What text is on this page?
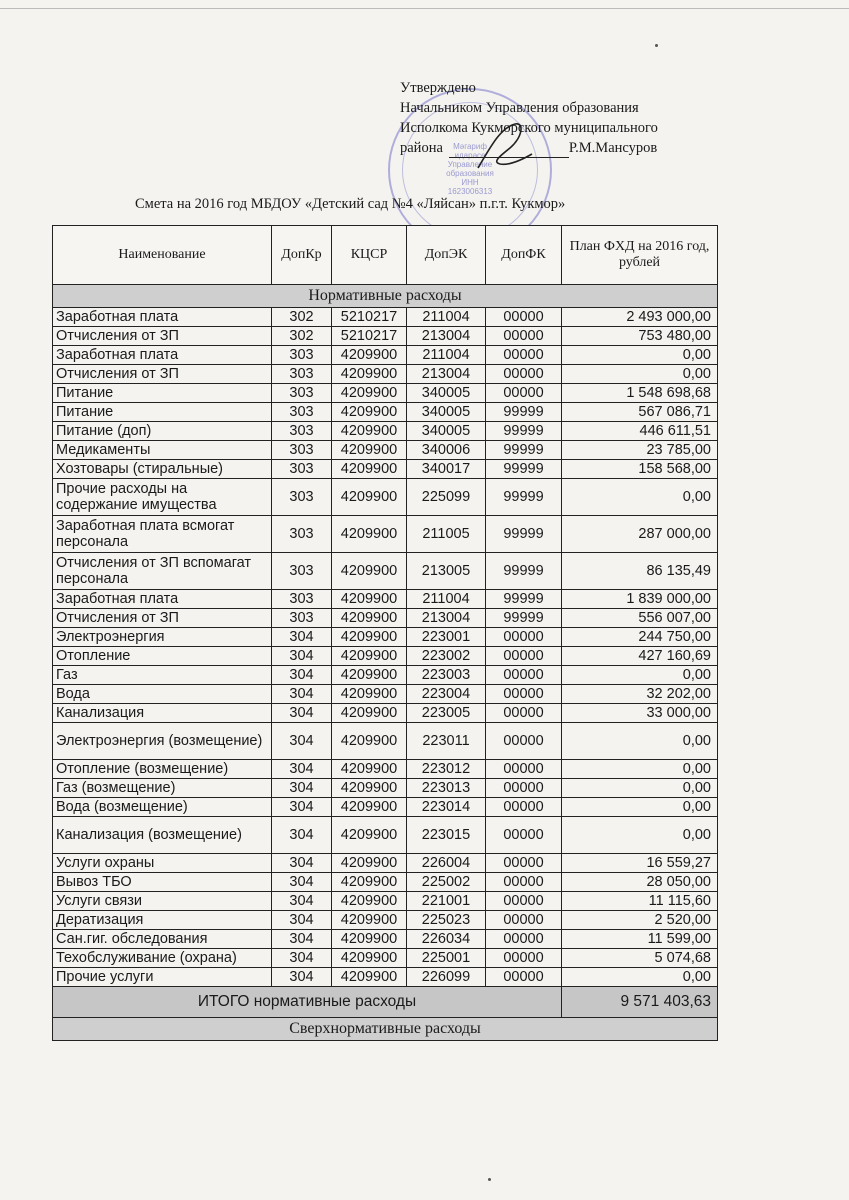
Мәгариф идарәсе Управление образования ИНН 1623006313
Утверждено
Начальником Управления образования
Исполкома Кукморского муниципального
района	Р.М.Мансуров
Смета на 2016 год МБДОУ «Детский сад №4 «Ляйсан» п.г.т. Кукмор»
Наименование	ДопКр	КЦСР	ДопЭК	ДопФК	План ФХД на 2016 год, рублей
Нормативные расходы					
Заработная плата	302	5210217	211004	00000	2 493 000,00
Отчисления от ЗП	302	5210217	213004	00000	753 480,00
Заработная плата	303	4209900	211004	00000	0,00
Отчисления от ЗП	303	4209900	213004	00000	0,00
Питание	303	4209900	340005	00000	1 548 698,68
Питание	303	4209900	340005	99999	567 086,71
Питание (доп)	303	4209900	340005	99999	446 611,51
Медикаменты	303	4209900	340006	99999	23 785,00
Хозтовары (стиральные)	303	4209900	340017	99999	158 568,00
Прочие расходы на содержание имущества	303	4209900	225099	99999	0,00
Заработная плата всмогат персонала	303	4209900	211005	99999	287 000,00
Отчисления от ЗП вспомагат персонала	303	4209900	213005	99999	86 135,49
Заработная плата	303	4209900	211004	99999	1 839 000,00
Отчисления от ЗП	303	4209900	213004	99999	556 007,00
Электроэнергия	304	4209900	223001	00000	244 750,00
Отопление	304	4209900	223002	00000	427 160,69
Газ	304	4209900	223003	00000	0,00
Вода	304	4209900	223004	00000	32 202,00
Канализация	304	4209900	223005	00000	33 000,00
Электроэнергия (возмещение)	304	4209900	223011	00000	0,00
Отопление (возмещение)	304	4209900	223012	00000	0,00
Газ (возмещение)	304	4209900	223013	00000	0,00
Вода (возмещение)	304	4209900	223014	00000	0,00
Канализация (возмещение)	304	4209900	223015	00000	0,00
Услуги охраны	304	4209900	226004	00000	16 559,27
Вывоз ТБО	304	4209900	225002	00000	28 050,00
Услуги связи	304	4209900	221001	00000	11 115,60
Дератизация	304	4209900	225023	00000	2 520,00
Сан.гиг. обследования	304	4209900	226034	00000	11 599,00
Техобслуживание (охрана)	304	4209900	225001	00000	5 074,68
Прочие услуги	304	4209900	226099	00000	0,00
ИТОГО нормативные расходы					9 571 403,63
Сверхнормативные расходы					
